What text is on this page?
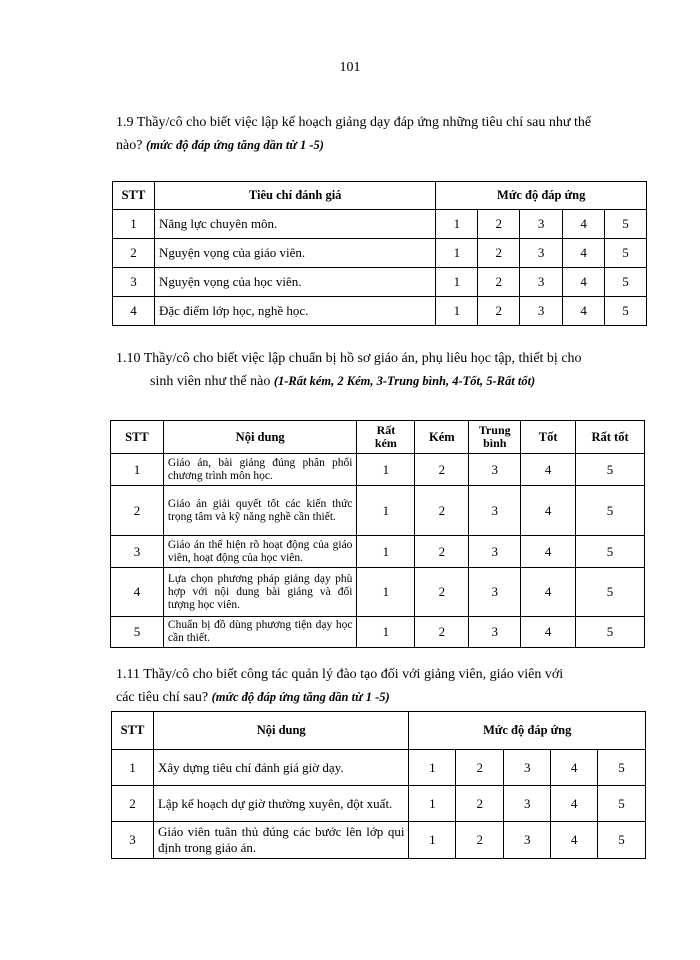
101
1.9 Thầy/cô cho biết việc lập kế hoạch giảng dạy đáp ứng những tiêu chí sau như thế nào? (mức độ đáp ứng tăng dần từ 1 -5)
STT	Tiêu chí đánh giá	Mức độ đáp ứng				
1	Năng lực chuyên môn.	1	2	3	4	5
2	Nguyện vọng của giáo viên.	1	2	3	4	5
3	Nguyện vọng của học viên.	1	2	3	4	5
4	Đặc điểm lớp học, nghề học.	1	2	3	4	5
1.10 Thầy/cô cho biết việc lập chuẩn bị hồ sơ giáo án, phụ liêu học tập, thiết bị cho
sinh viên như thế nào (1-Rất kém, 2 Kém, 3-Trung bình, 4-Tốt, 5-Rất tốt)
STT	Nội dung	Rất kém	Kém	Trung bình	Tốt	Rất tốt
1	Giáo án, bài giảng đúng phân phối chương trình môn học.	1	2	3	4	5
2	Giáo án giải quyết tốt các kiến thức trọng tâm và kỹ năng nghề cần thiết.	1	2	3	4	5
3	Giáo án thể hiện rõ hoạt động của giáo viên, hoạt động của học viên.	1	2	3	4	5
4	Lựa chọn phương pháp giảng dạy phù hợp với nội dung bài giảng và đối tượng học viên.	1	2	3	4	5
5	Chuẩn bị đồ dùng phương tiện dạy học cần thiết.	1	2	3	4	5
1.11 Thầy/cô cho biết công tác quản lý đào tạo đối với giảng viên, giáo viên với
các tiêu chí sau? (mức độ đáp ứng tăng dần từ 1 -5)
STT	Nội dung	Mức độ đáp ứng				
1	Xây dựng tiêu chí đánh giá giờ dạy.	1	2	3	4	5
2	Lập kế hoạch dự giờ thường xuyên, đột xuất.	1	2	3	4	5
3	Giáo viên tuân thủ đúng các bước lên lớp qui định trong giáo án.	1	2	3	4	5
